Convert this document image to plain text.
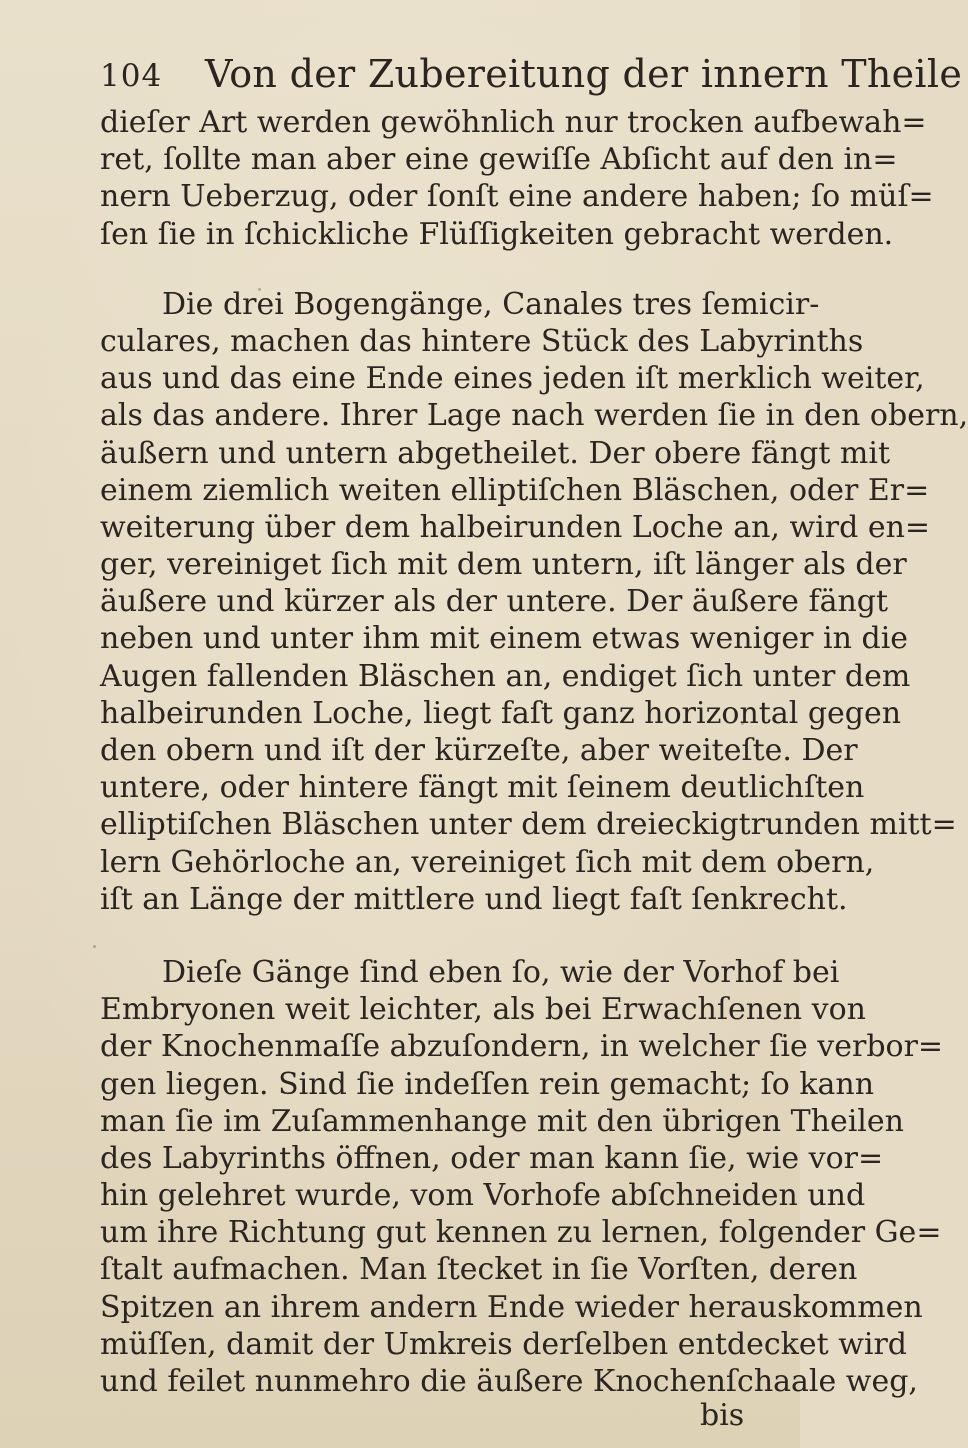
104 Von der Zubereitung der innern Theile
dieſer Art werden gewöhnlich nur trocken aufbewah=
ret, ſollte man aber eine gewiſſe Abſicht auf den in=
nern Ueberzug, oder ſonſt eine andere haben; ſo müſ=
ſen ſie in ſchickliche Flüſſigkeiten gebracht werden.
Die drei Bogengänge, Canales tres ſemicir-
culares, machen das hintere Stück des Labyrinths
aus und das eine Ende eines jeden iſt merklich weiter,
als das andere. Ihrer Lage nach werden ſie in den obern,
äußern und untern abgetheilet. Der obere fängt mit
einem ziemlich weiten elliptiſchen Bläschen, oder Er=
weiterung über dem halbeirunden Loche an, wird en=
ger, vereiniget ſich mit dem untern, iſt länger als der
äußere und kürzer als der untere. Der äußere fängt
neben und unter ihm mit einem etwas weniger in die
Augen fallenden Bläschen an, endiget ſich unter dem
halbeirunden Loche, liegt faſt ganz horizontal gegen
den obern und iſt der kürzeſte, aber weiteſte. Der
untere, oder hintere fängt mit ſeinem deutlichſten
elliptiſchen Bläschen unter dem dreieckigtrunden mitt=
lern Gehörloche an, vereiniget ſich mit dem obern,
iſt an Länge der mittlere und liegt faſt ſenkrecht.
Dieſe Gänge ſind eben ſo, wie der Vorhof bei
Embryonen weit leichter, als bei Erwachſenen von
der Knochenmaſſe abzuſondern, in welcher ſie verbor=
gen liegen. Sind ſie indeſſen rein gemacht; ſo kann
man ſie im Zuſammenhange mit den übrigen Theilen
des Labyrinths öffnen, oder man kann ſie, wie vor=
hin gelehret wurde, vom Vorhofe abſchneiden und
um ihre Richtung gut kennen zu lernen, folgender Ge=
ſtalt aufmachen. Man ſtecket in ſie Vorſten, deren
Spitzen an ihrem andern Ende wieder herauskommen
müſſen, damit der Umkreis derſelben entdecket wird
und feilet nunmehro die äußere Knochenſchaale weg,
bis
